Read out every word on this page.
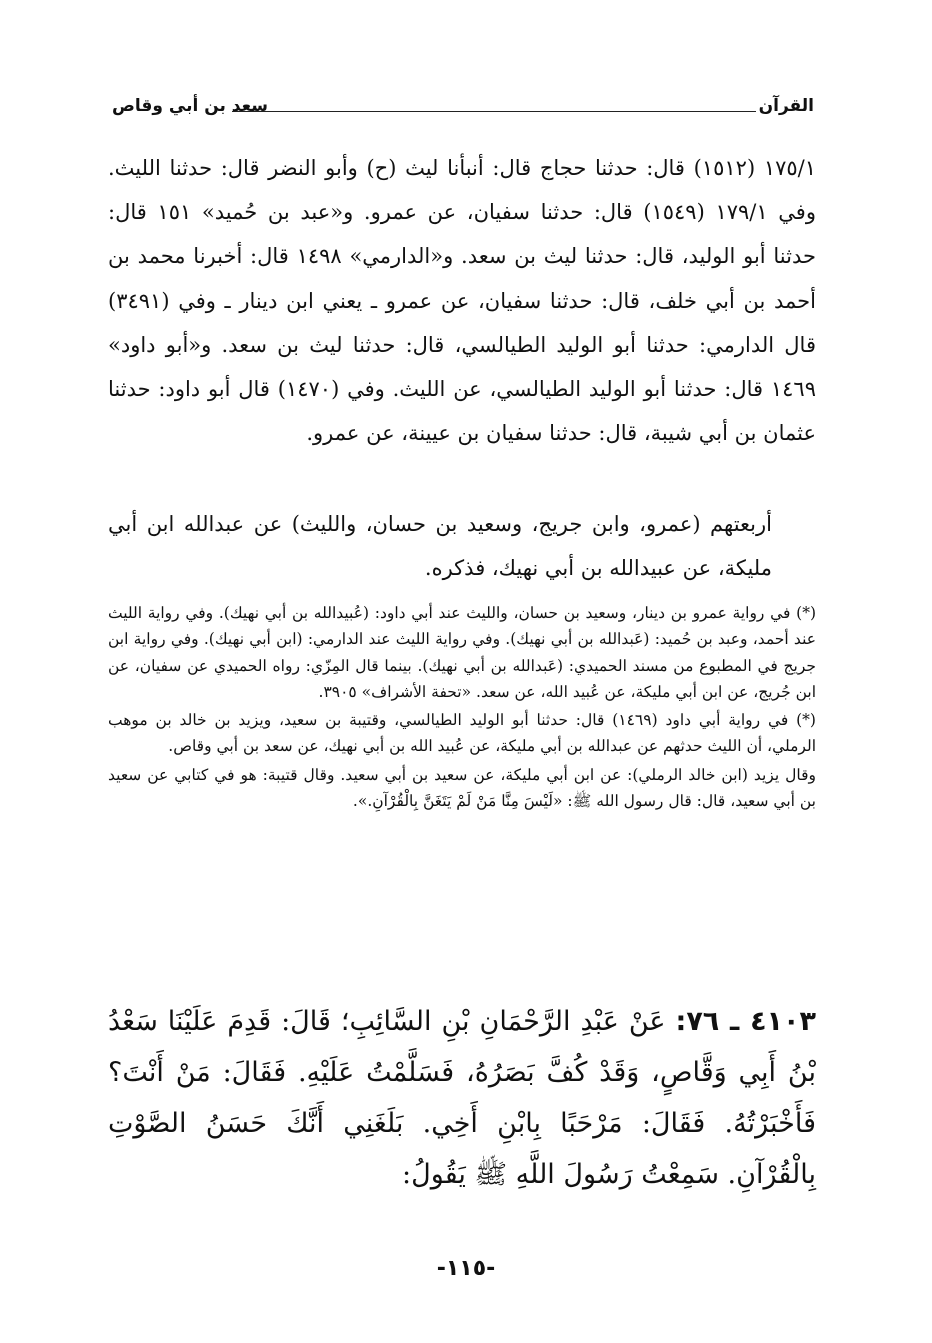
القرآن
سعد بن أبي وقاص

١٧٥/١ (١٥١٢) قال: حدثنا حجاج قال: أنبأنا ليث (ح) وأبو النضر قال: حدثنا الليث. وفي ١٧٩/١ (١٥٤٩) قال: حدثنا سفيان، عن عمرو. و«عبد بن حُميد» ١٥١ قال: حدثنا أبو الوليد، قال: حدثنا ليث بن سعد. و«الدارمي» ١٤٩٨ قال: أخبرنا محمد بن أحمد بن أبي خلف، قال: حدثنا سفيان، عن عمرو ـ يعني ابن دينار ـ وفي (٣٤٩١) قال الدارمي: حدثنا أبو الوليد الطيالسي، قال: حدثنا ليث بن سعد. و«أبو داود» ١٤٦٩ قال: حدثنا أبو الوليد الطيالسي، عن الليث. وفي (١٤٧٠) قال أبو داود: حدثنا عثمان بن أبي شيبة، قال: حدثنا سفيان بن عيينة، عن عمرو.

أربعتهم (عمرو، وابن جريج، وسعيد بن حسان، والليث) عن عبدالله ابن أبي مليكة، عن عبيدالله بن أبي نهيك، فذكره.

(*) في رواية عمرو بن دينار، وسعيد بن حسان، والليث عند أبي داود: (عُبيدالله بن أبي نهيك). وفي رواية الليث عند أحمد، وعبد بن حُميد: (عَبدالله بن أبي نهيك). وفي رواية الليث عند الدارمي: (ابن أبي نهيك). وفي رواية ابن جريج في المطبوع من مسند الحميدي: (عَبدالله بن أبي نهيك). بينما قال المِزّي: رواه الحميدي عن سفيان، عن ابن جُريج، عن ابن أبي مليكة، عن عُبيد الله، عن سعد. «تحفة الأشراف» ٣٩٠٥.

(*) في رواية أبي داود (١٤٦٩) قال: حدثنا أبو الوليد الطيالسي، وقتيبة بن سعيد، ويزيد بن خالد بن موهب الرملي، أن الليث حدثهم عن عبدالله بن أبي مليكة، عن عُبيد الله بن أبي نهيك، عن سعد بن أبي وقاص.

وقال يزيد (ابن خالد الرملي): عن ابن أبي مليكة، عن سعيد بن أبي سعيد. وقال قتيبة: هو في كتابي عن سعيد بن أبي سعيد، قال: قال رسول الله ﷺ: «لَيْسَ مِنَّا مَنْ لَمْ يَتَغَنَّ بِالْقُرْآنِ.».

٤١٠٣ ـ ٧٦: عَنْ عَبْدِ الرَّحْمَانِ بْنِ السَّائِبِ؛ قَالَ: قَدِمَ عَلَيْنَا سَعْدُ بْنُ أَبِي وَقَّاصٍ، وَقَدْ كُفَّ بَصَرُهُ، فَسَلَّمْتُ عَلَيْهِ. فَقَالَ: مَنْ أَنْتَ؟ فَأَخْبَرْتُهُ. فَقَالَ: مَرْحَبًا بِابْنِ أَخِي. بَلَغَنِي أَنَّكَ حَسَنُ الصَّوْتِ بِالْقُرْآنِ. سَمِعْتُ رَسُولَ اللَّهِ ﷺ يَقُولُ:

-١١٥-
